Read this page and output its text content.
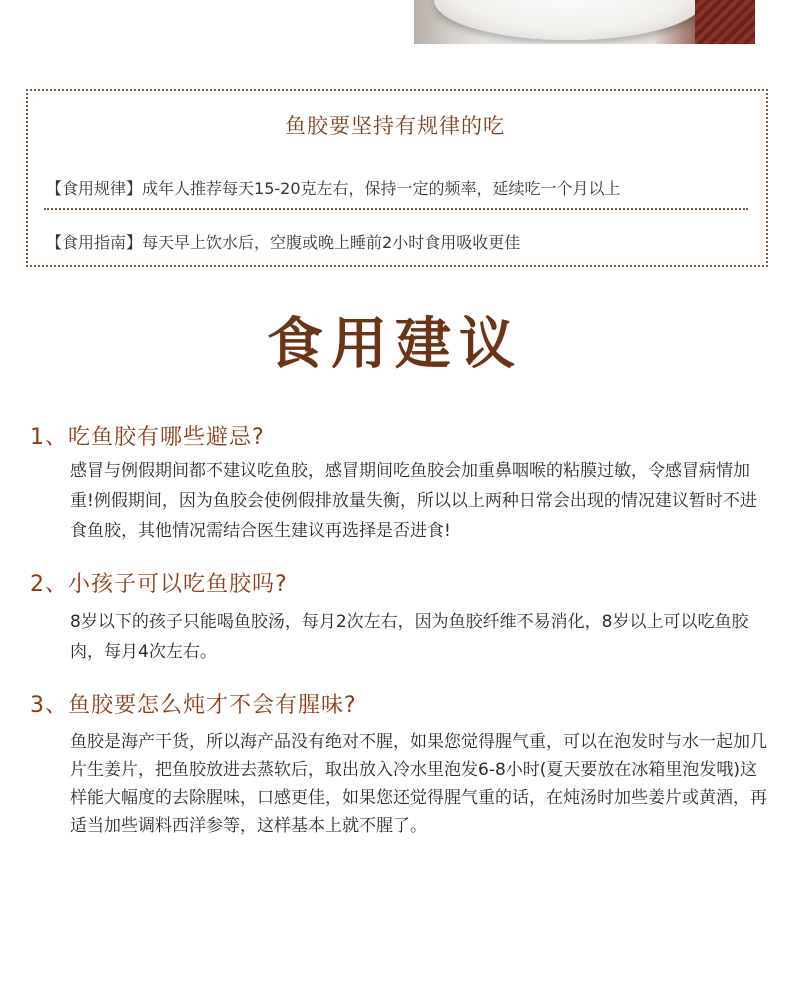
鱼胶要坚持有规律的吃
【食用规律】成年人推荐每天15-20克左右，保持一定的频率，延续吃一个月以上
【食用指南】每天早上饮水后，空腹或晚上睡前2小时食用吸收更佳
食用建议
1、吃鱼胶有哪些避忌?
感冒与例假期间都不建议吃鱼胶，感冒期间吃鱼胶会加重鼻咽喉的粘膜过敏，令感冒病情加重!例假期间，因为鱼胶会使例假排放量失衡，所以以上两种日常会出现的情况建议暂时不进食鱼胶，其他情况需结合医生建议再选择是否进食!
2、小孩子可以吃鱼胶吗?
8岁以下的孩子只能喝鱼胶汤，每月2次左右，因为鱼胶纤维不易消化，8岁以上可以吃鱼胶肉，每月4次左右。
3、鱼胶要怎么炖才不会有腥味?
鱼胶是海产干货，所以海产品没有绝对不腥，如果您觉得腥气重，可以在泡发时与水一起加几片生姜片，把鱼胶放进去蒸软后，取出放入冷水里泡发6-8小时(夏天要放在冰箱里泡发哦)这样能大幅度的去除腥味，口感更佳，如果您还觉得腥气重的话，在炖汤时加些姜片或黄酒，再适当加些调料西洋参等，这样基本上就不腥了。
